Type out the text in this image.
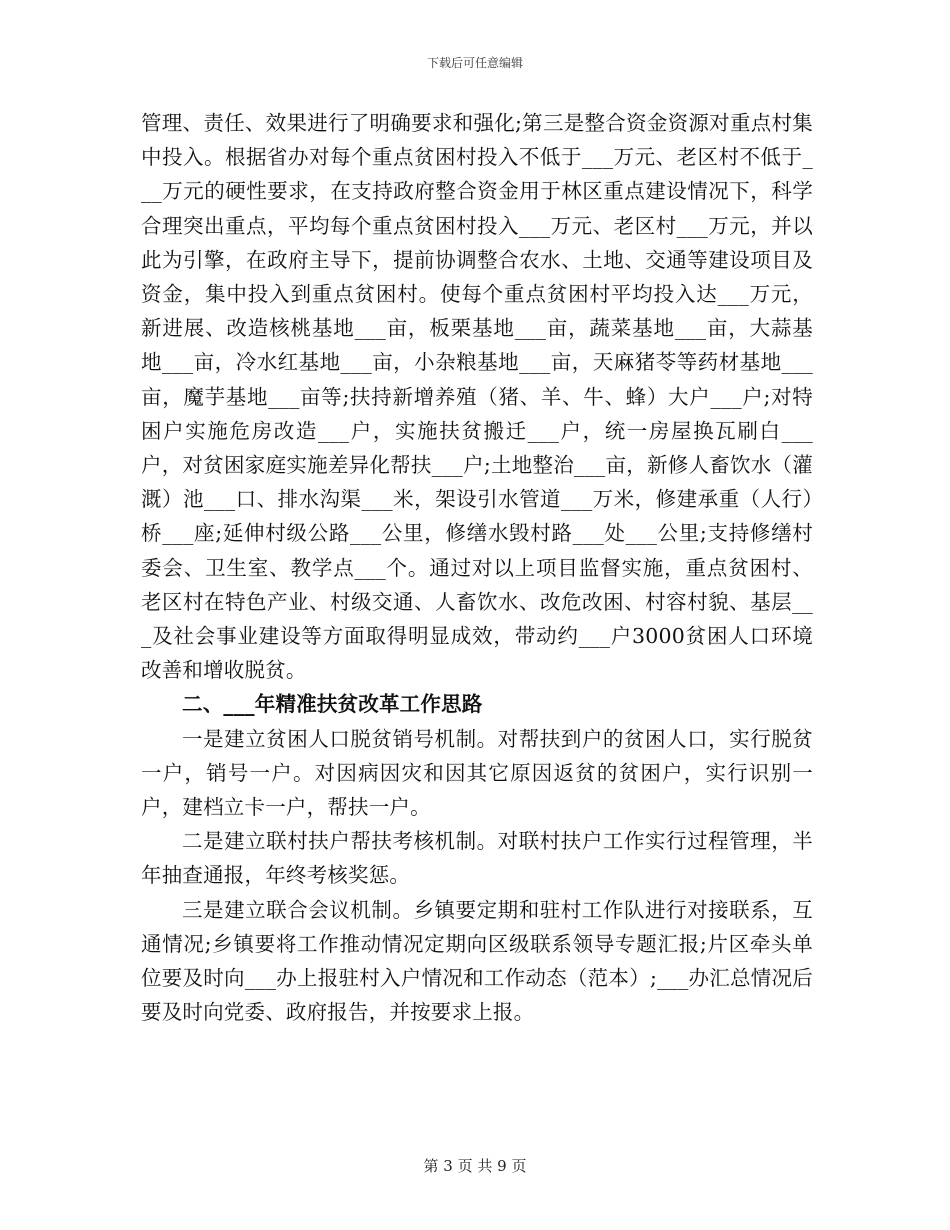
下载后可任意编辑

管理、责任、效果进行了明确要求和强化;第三是整合资金资源对重点村集中投入。根据省办对每个重点贫困村投入不低于___万元、老区村不低于___万元的硬性要求，在支持政府整合资金用于林区重点建设情况下，科学合理突出重点，平均每个重点贫困村投入___万元、老区村___万元，并以此为引擎，在政府主导下，提前协调整合农水、土地、交通等建设项目及资金，集中投入到重点贫困村。使每个重点贫困村平均投入达___万元，新进展、改造核桃基地___亩，板栗基地___亩，蔬菜基地___亩，大蒜基地___亩，冷水红基地___亩，小杂粮基地___亩，天麻猪苓等药材基地___亩，魔芋基地___亩等;扶持新增养殖（猪、羊、牛、蜂）大户___户;对特困户实施危房改造___户，实施扶贫搬迁___户，统一房屋换瓦刷白___户，对贫困家庭实施差异化帮扶___户;土地整治___亩，新修人畜饮水（灌溉）池___口、排水沟渠___米，架设引水管道___万米，修建承重（人行）桥___座;延伸村级公路___公里，修缮水毁村路___处___公里;支持修缮村委会、卫生室、教学点___个。通过对以上项目监督实施，重点贫困村、老区村在特色产业、村级交通、人畜饮水、改危改困、村容村貌、基层___及社会事业建设等方面取得明显成效，带动约___户3000贫困人口环境改善和增收脱贫。

二、___年精准扶贫改革工作思路

一是建立贫困人口脱贫销号机制。对帮扶到户的贫困人口，实行脱贫一户，销号一户。对因病因灾和因其它原因返贫的贫困户，实行识别一户，建档立卡一户，帮扶一户。

二是建立联村扶户帮扶考核机制。对联村扶户工作实行过程管理，半年抽查通报，年终考核奖惩。

三是建立联合会议机制。乡镇要定期和驻村工作队进行对接联系，互通情况;乡镇要将工作推动情况定期向区级联系领导专题汇报;片区牵头单位要及时向___办上报驻村入户情况和工作动态（范本）;___办汇总情况后要及时向党委、政府报告，并按要求上报。

第 3 页 共 9 页
